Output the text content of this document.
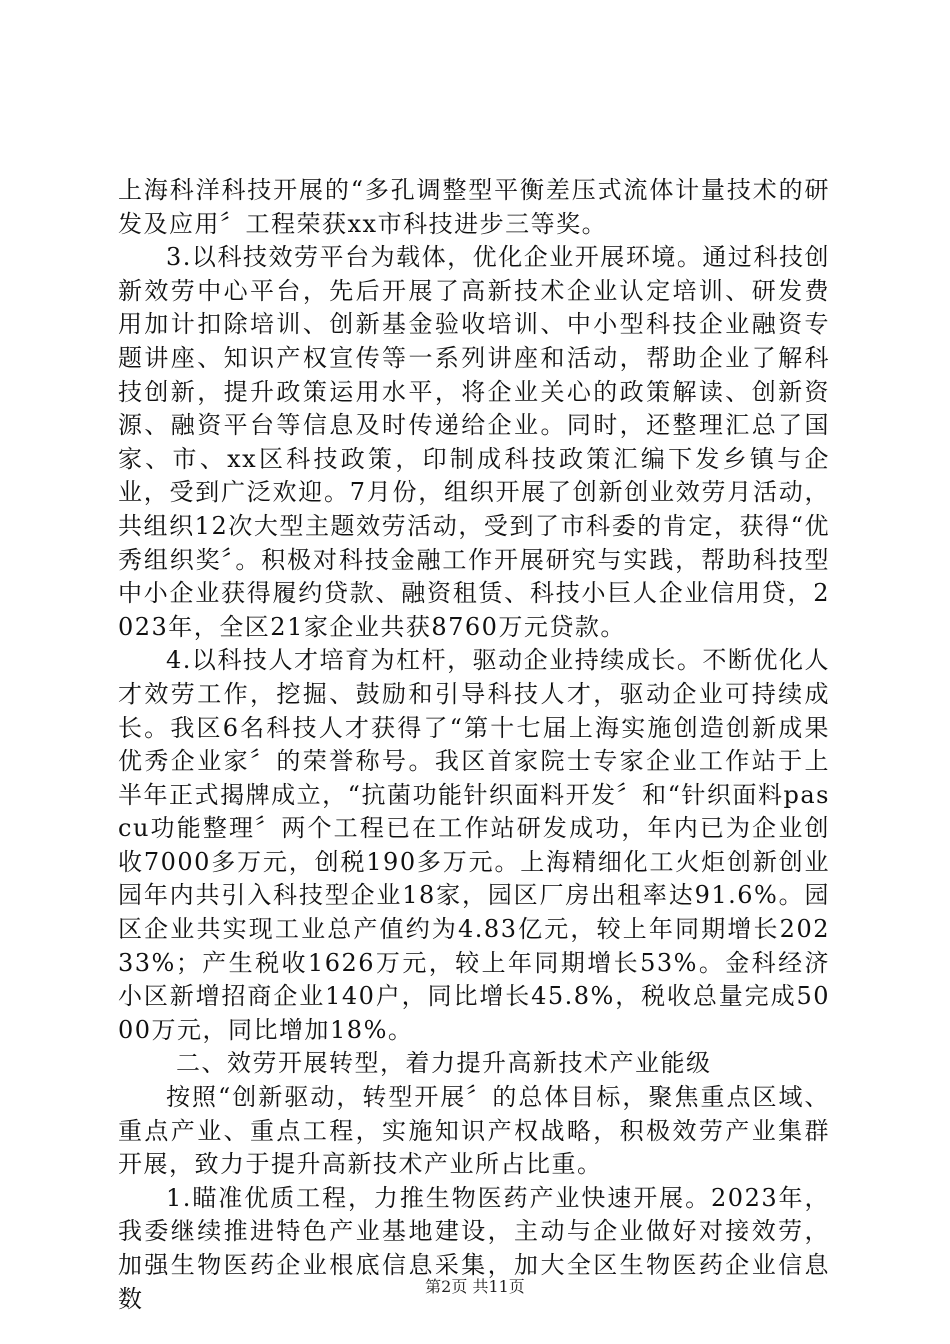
上海科洋科技开展的“多孔调整型平衡差压式流体计量技术的研发及应用〞工程荣获xx市科技进步三等奖。

3.以科技效劳平台为载体，优化企业开展环境。通过科技创新效劳中心平台，先后开展了高新技术企业认定培训、研发费用加计扣除培训、创新基金验收培训、中小型科技企业融资专题讲座、知识产权宣传等一系列讲座和活动，帮助企业了解科技创新，提升政策运用水平，将企业关心的政策解读、创新资源、融资平台等信息及时传递给企业。同时，还整理汇总了国家、市、xx区科技政策，印制成科技政策汇编下发乡镇与企业，受到广泛欢迎。7月份，组织开展了创新创业效劳月活动，共组织12次大型主题效劳活动，受到了市科委的肯定，获得“优秀组织奖〞。积极对科技金融工作开展研究与实践，帮助科技型中小企业获得履约贷款、融资租赁、科技小巨人企业信用贷，2023年，全区21家企业共获8760万元贷款。

4.以科技人才培育为杠杆，驱动企业持续成长。不断优化人才效劳工作，挖掘、鼓励和引导科技人才，驱动企业可持续成长。我区6名科技人才获得了“第十七届上海实施创造创新成果优秀企业家〞的荣誉称号。我区首家院士专家企业工作站于上半年正式揭牌成立，“抗菌功能针织面料开发〞和“针织面料pascu功能整理〞两个工程已在工作站研发成功，年内已为企业创收7000多万元，创税190多万元。上海精细化工火炬创新创业园年内共引入科技型企业18家，园区厂房出租率达91.6%。园区企业共实现工业总产值约为4.83亿元，较上年同期增长20233%；产生税收1626万元，较上年同期增长53%。金科经济小区新增招商企业140户，同比增长45.8%，税收总量完成5000万元，同比增加18%。

二、效劳开展转型，着力提升高新技术产业能级

按照“创新驱动，转型开展〞的总体目标，聚焦重点区域、重点产业、重点工程，实施知识产权战略，积极效劳产业集群开展，致力于提升高新技术产业所占比重。

1.瞄准优质工程，力推生物医药产业快速开展。2023年，我委继续推进特色产业基地建设，主动与企业做好对接效劳，加强生物医药企业根底信息采集，加大全区生物医药企业信息数	第2页 共11页
